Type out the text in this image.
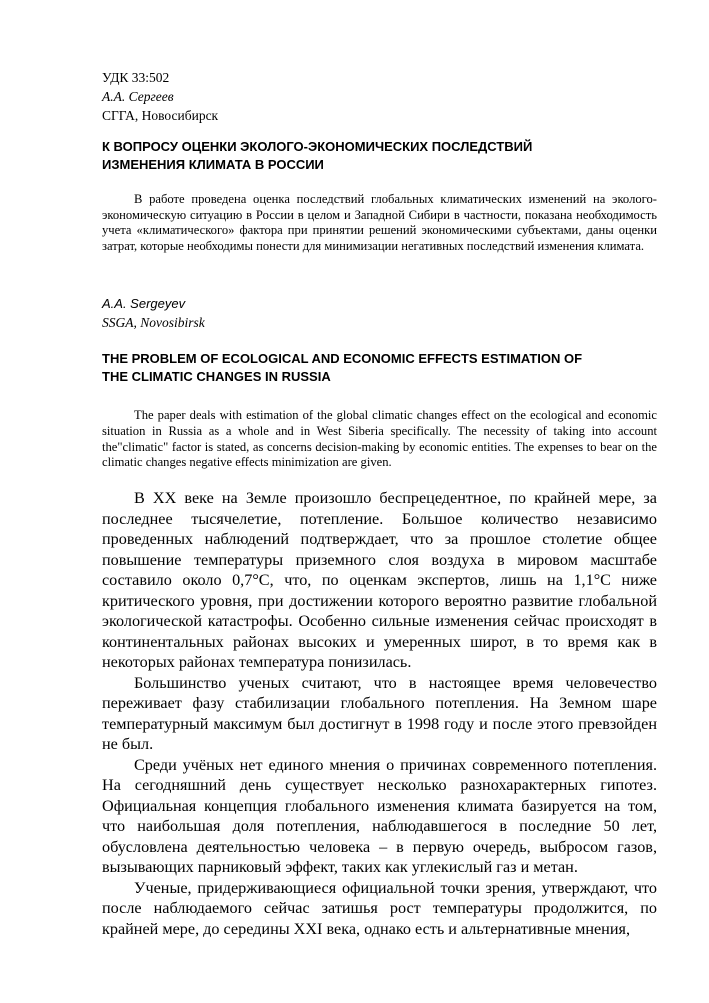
УДК 33:502
А.А. Сергеев
СГГА, Новосибирск
К ВОПРОСУ ОЦЕНКИ ЭКОЛОГО-ЭКОНОМИЧЕСКИХ ПОСЛЕДСТВИЙ
ИЗМЕНЕНИЯ КЛИМАТА В РОССИИ
В работе проведена оценка последствий глобальных климатических изменений на эколого-экономическую ситуацию в России в целом и Западной Сибири в частности, показана необходимость учета «климатического» фактора при принятии решений экономическими субъектами, даны оценки затрат, которые необходимы понести для минимизации негативных последствий изменения климата.
A.A. Sergeyev
SSGA, Novosibirsk
THE PROBLEM OF ECOLOGICAL AND ECONOMIC EFFECTS ESTIMATION OF
THE CLIMATIC CHANGES IN RUSSIA
The paper deals with estimation of the global climatic changes effect on the ecological and economic situation in Russia as a whole and in West Siberia specifically. The necessity of taking into account the"climatic" factor is stated, as concerns decision-making by economic entities. The expenses to bear on the climatic changes negative effects minimization are given.

В XX веке на Земле произошло беспрецедентное, по крайней мере, за последнее тысячелетие, потепление. Большое количество независимо проведенных наблюдений подтверждает, что за прошлое столетие общее повышение температуры приземного слоя воздуха в мировом масштабе составило около 0,7°С, что, по оценкам экспертов, лишь на 1,1°С ниже критического уровня, при достижении которого вероятно развитие глобальной экологической катастрофы. Особенно сильные изменения сейчас происходят в континентальных районах высоких и умеренных широт, в то время как в некоторых районах температура понизилась.

Большинство ученых считают, что в настоящее время человечество переживает фазу стабилизации глобального потепления. На Земном шаре температурный максимум был достигнут в 1998 году и после этого превзойден не был.

Среди учёных нет единого мнения о причинах современного потепления. На сегодняшний день существует несколько разнохарактерных гипотез. Официальная концепция глобального изменения климата базируется на том, что наибольшая доля потепления, наблюдавшегося в последние 50 лет, обусловлена деятельностью человека – в первую очередь, выбросом газов, вызывающих парниковый эффект, таких как углекислый газ и метан.

Ученые, придерживающиеся официальной точки зрения, утверждают, что после наблюдаемого сейчас затишья рост температуры продолжится, по крайней мере, до середины XXI века, однако есть и альтернативные мнения,
